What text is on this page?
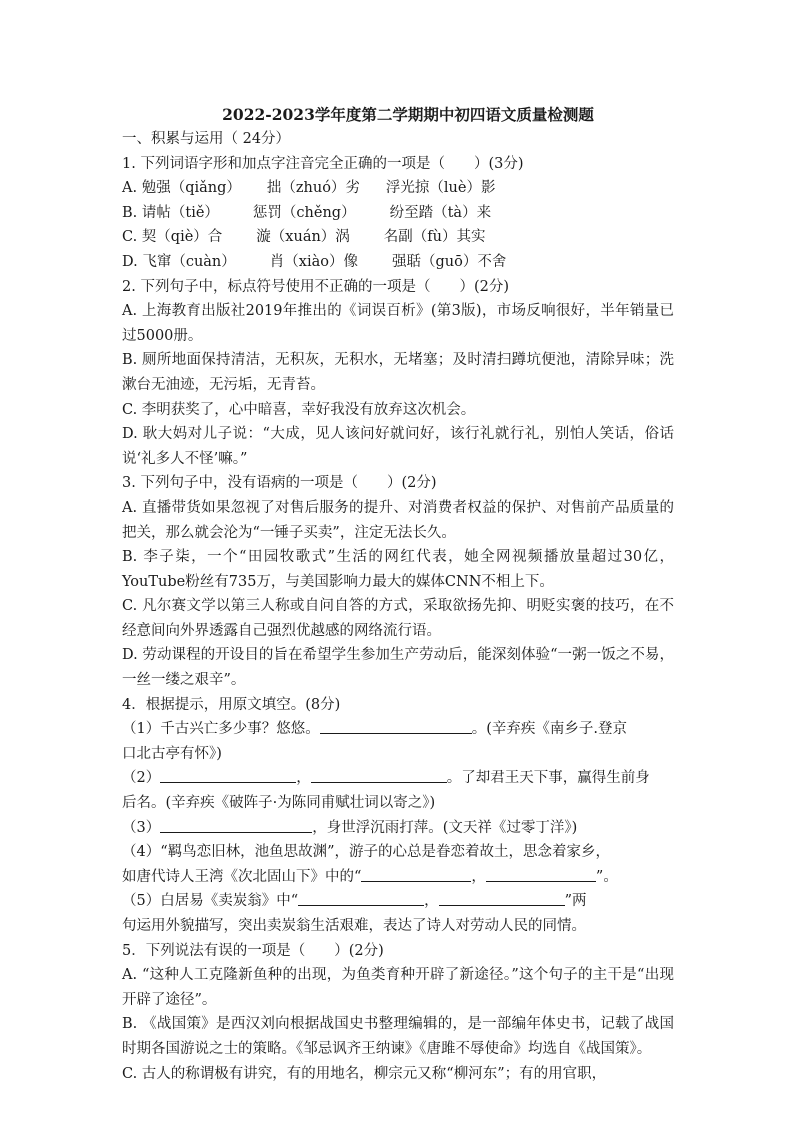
2022-2023学年度第二学期期中初四语文质量检测题
一、积累与运用（ 24分）
1. 下列词语字形和加点字注音完全正确的一项是（　　）(3分)
A. 勉强（qiǎng） 拙（zhuó）劣 浮光掠（luè）影
B. 请帖（tiě） 惩罚（chěng） 纷至踏（tà）来
C. 契（qiè）合 漩（xuán）涡 名副（fù）其实
D. 飞窜（cuàn） 肖（xiào）像 强聒（guō）不舍
2. 下列句子中，标点符号使用不正确的一项是（　　）(2分)
A. 上海教育出版社2019年推出的《词误百析》(第3版)，市场反响很好，半年销量已过5000册。
B. 厕所地面保持清洁，无积灰，无积水，无堵塞；及时清扫蹲坑便池，清除异味；洗漱台无油迹，无污垢，无青苔。
C. 李明获奖了，心中暗喜，幸好我没有放弃这次机会。
D. 耿大妈对儿子说：“大成，见人该问好就问好，该行礼就行礼，别怕人笑话，俗话说‘礼多人不怪’嘛。”
3. 下列句子中，没有语病的一项是（　　）(2分)
A. 直播带货如果忽视了对售后服务的提升、对消费者权益的保护、对售前产品质量的把关，那么就会沦为“一锤子买卖”，注定无法长久。
B. 李子柒，一个“田园牧歌式”生活的网红代表，她全网视频播放量超过30亿，YouTube粉丝有735万，与美国影响力最大的媒体CNN不相上下。
C. 凡尔赛文学以第三人称或自问自答的方式，采取欲扬先抑、明贬实褒的技巧，在不经意间向外界透露自己强烈优越感的网络流行语。
D. 劳动课程的开设目的旨在希望学生参加生产劳动后，能深刻体验“一粥一饭之不易，一丝一缕之艰辛”。
4．根据提示，用原文填空。(8分)
（1）千古兴亡多少事？悠悠。	。(辛弃疾《南乡子.登京
口北古亭有怀》)
（2）	，	。了却君王天下事，赢得生前身
后名。(辛弃疾《破阵子·为陈同甫赋壮词以寄之》)
（3）	，身世浮沉雨打萍。(文天祥《过零丁洋》)
（4）“羁鸟恋旧林，池鱼思故渊”，游子的心总是眷恋着故土，思念着家乡，
如唐代诗人王湾《次北固山下》中的“	，	”。
（5）白居易《卖炭翁》中“	，	”两
句运用外貌描写，突出卖炭翁生活艰难，表达了诗人对劳动人民的同情。
5．下列说法有误的一项是（　　）(2分)
A. “这种人工克隆新鱼种的出现，为鱼类育种开辟了新途径。”这个句子的主干是“出现开辟了途径”。
B. 《战国策》是西汉刘向根据战国史书整理编辑的，是一部编年体史书，记载了战国时期各国游说之士的策略。《邹忌讽齐王纳谏》《唐雎不辱使命》均选自《战国策》。
C. 古人的称谓极有讲究，有的用地名，柳宗元又称“柳河东”；有的用官职，
